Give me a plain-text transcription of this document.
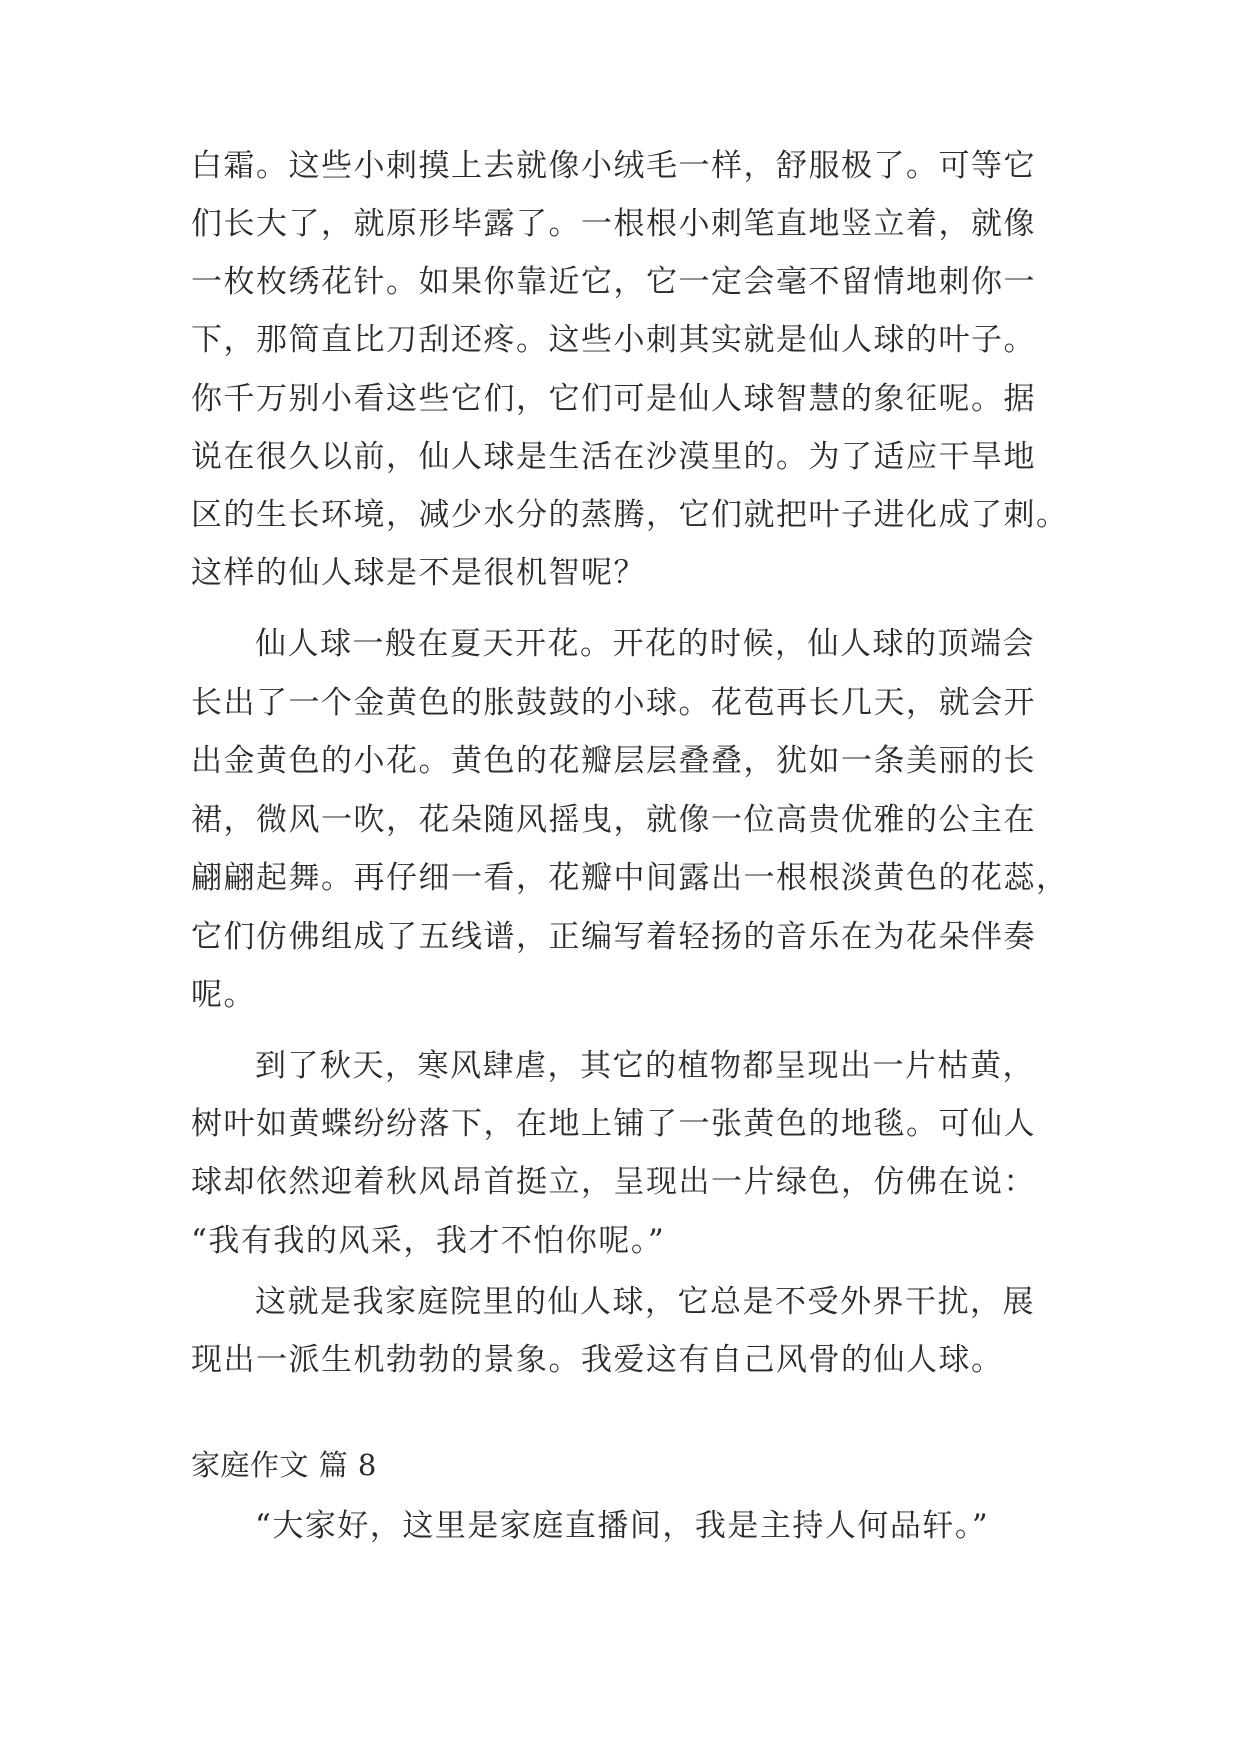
白霜。这些小刺摸上去就像小绒毛一样，舒服极了。可等它
们长大了，就原形毕露了。一根根小刺笔直地竖立着，就像
一枚枚绣花针。如果你靠近它，它一定会毫不留情地刺你一
下，那简直比刀刮还疼。这些小刺其实就是仙人球的叶子。
你千万别小看这些它们，它们可是仙人球智慧的象征呢。据
说在很久以前，仙人球是生活在沙漠里的。为了适应干旱地
区的生长环境，减少水分的蒸腾，它们就把叶子进化成了刺。
这样的仙人球是不是很机智呢？
仙人球一般在夏天开花。开花的时候，仙人球的顶端会
长出了一个金黄色的胀鼓鼓的小球。花苞再长几天，就会开
出金黄色的小花。黄色的花瓣层层叠叠，犹如一条美丽的长
裙，微风一吹，花朵随风摇曳，就像一位高贵优雅的公主在
翩翩起舞。再仔细一看，花瓣中间露出一根根淡黄色的花蕊，
它们仿佛组成了五线谱，正编写着轻扬的音乐在为花朵伴奏
呢。
到了秋天，寒风肆虐，其它的植物都呈现出一片枯黄，
树叶如黄蝶纷纷落下，在地上铺了一张黄色的地毯。可仙人
球却依然迎着秋风昂首挺立，呈现出一片绿色，仿佛在说：
“我有我的风采，我才不怕你呢。”
这就是我家庭院里的仙人球，它总是不受外界干扰，展
现出一派生机勃勃的景象。我爱这有自己风骨的仙人球。
家庭作文 篇 8
“大家好，这里是家庭直播间，我是主持人何品轩。”
